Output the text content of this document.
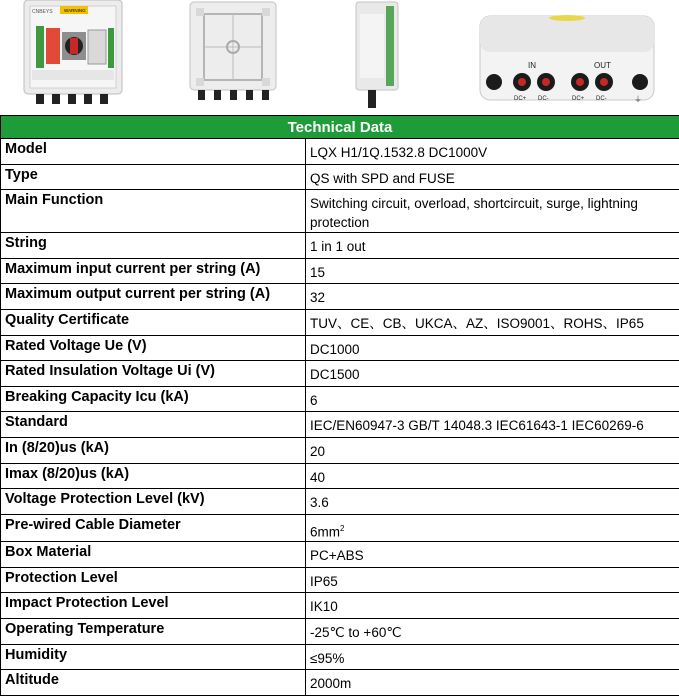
CNBEYS	WARNING
IN	OUT
DC+ DC-	DC+ DC-	⏚
Technical Data	
Model	LQX H1/1Q.1532.8 DC1000V
Type	QS with SPD and FUSE
Main Function	Switching circuit, overload, shortcircuit, surge, lightning protection
String	1 in 1 out
Maximum input current per string (A)	15
Maximum output current per string (A)	32
Quality Certificate	TUV、CE、CB、UKCA、AZ、ISO9001、ROHS、IP65
Rated Voltage Ue (V)	DC1000
Rated Insulation Voltage Ui (V)	DC1500
Breaking Capacity Icu (kA)	6
Standard	IEC/EN60947-3 GB/T 14048.3 IEC61643-1 IEC60269-6
In (8/20)us (kA)	20
Imax (8/20)us (kA)	40
Voltage Protection Level (kV)	3.6
Pre-wired Cable Diameter	$6mm^2$
Box Material	PC+ABS
Protection Level	IP65
Impact Protection Level	IK10
Operating Temperature	-25℃ to +60℃
Humidity	≤95%
Altitude	2000m
